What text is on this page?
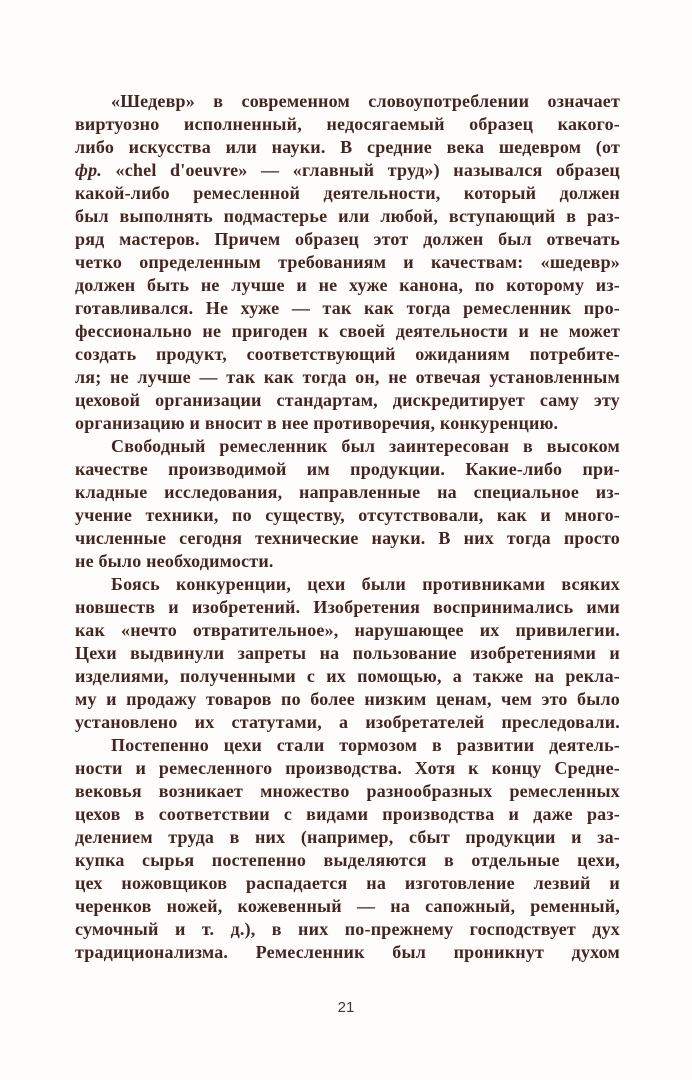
«Шедевр» в современном словоупотреблении означает
виртуозно исполненный, недосягаемый образец какого-
либо искусства или науки. В средние века шедевром (от
фр. «chel d'oeuvre» — «главный труд») назывался образец
какой-либо ремесленной деятельности, который должен
был выполнять подмастерье или любой, вступающий в раз-
ряд мастеров. Причем образец этот должен был отвечать
четко определенным требованиям и качествам: «шедевр»
должен быть не лучше и не хуже канона, по которому из-
готавливался. Не хуже — так как тогда ремесленник про-
фессионально не пригоден к своей деятельности и не может
создать продукт, соответствующий ожиданиям потребите-
ля; не лучше — так как тогда он, не отвечая установленным
цеховой организации стандартам, дискредитирует саму эту
организацию и вносит в нее противоречия, конкуренцию.
Свободный ремесленник был заинтересован в высоком
качестве производимой им продукции. Какие-либо при-
кладные исследования, направленные на специальное из-
учение техники, по существу, отсутствовали, как и много-
численные сегодня технические науки. В них тогда просто
не было необходимости.
Боясь конкуренции, цехи были противниками всяких
новшеств и изобретений. Изобретения воспринимались ими
как «нечто отвратительное», нарушающее их привилегии.
Цехи выдвинули запреты на пользование изобретениями и
изделиями, полученными с их помощью, а также на рекла-
му и продажу товаров по более низким ценам, чем это было
установлено их статутами, а изобретателей преследовали.
Постепенно цехи стали тормозом в развитии деятель-
ности и ремесленного производства. Хотя к концу Средне-
вековья возникает множество разнообразных ремесленных
цехов в соответствии с видами производства и даже раз-
делением труда в них (например, сбыт продукции и за-
купка сырья постепенно выделяются в отдельные цехи,
цех ножовщиков распадается на изготовление лезвий и
черенков ножей, кожевенный — на сапожный, ременный,
сумочный и т. д.), в них по-прежнему господствует дух
традиционализма. Ремесленник был проникнут духом
21
